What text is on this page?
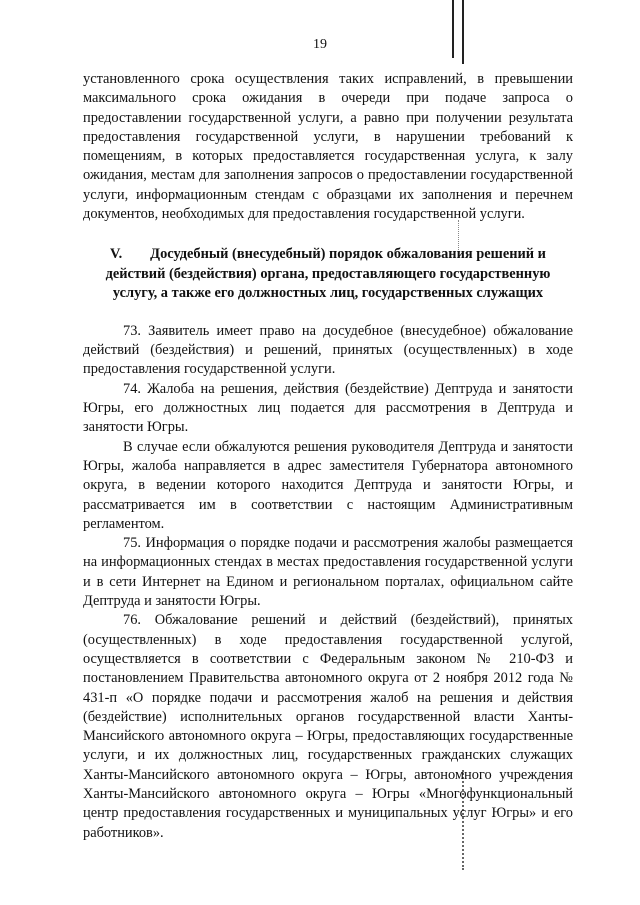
19

установленного срока осуществления таких исправлений, в превышении максимального срока ожидания в очереди при подаче запроса о предоставлении государственной услуги, а равно при получении результата предоставления государственной услуги, в нарушении требований к помещениям, в которых предоставляется государственная услуга, к залу ожидания, местам для заполнения запросов о предоставлении государственной услуги, информационным стендам с образцами их заполнения и перечнем документов, необходимых для предоставления государственной услуги.

V. Досудебный (внесудебный) порядок обжалования решений и действий (бездействия) органа, предоставляющего государственную услугу, а также его должностных лиц, государственных служащих

73. Заявитель имеет право на досудебное (внесудебное) обжалование действий (бездействия) и решений, принятых (осуществленных) в ходе предоставления государственной услуги.

74. Жалоба на решения, действия (бездействие) Дептруда и занятости Югры, его должностных лиц подается для рассмотрения в Дептруда и занятости Югры.

В случае если обжалуются решения руководителя Дептруда и занятости Югры, жалоба направляется в адрес заместителя Губернатора автономного округа, в ведении которого находится Дептруда и занятости Югры, и рассматривается им в соответствии с настоящим Административным регламентом.

75. Информация о порядке подачи и рассмотрения жалобы размещается на информационных стендах в местах предоставления государственной услуги и в сети Интернет на Едином и региональном порталах, официальном сайте Дептруда и занятости Югры.

76. Обжалование решений и действий (бездействий), принятых (осуществленных) в ходе предоставления государственной услугой, осуществляется в соответствии с Федеральным законом № 210-ФЗ и постановлением Правительства автономного округа от 2 ноября 2012 года № 431-п «О порядке подачи и рассмотрения жалоб на решения и действия (бездействие) исполнительных органов государственной власти Ханты-Мансийского автономного округа – Югры, предоставляющих государственные услуги, и их должностных лиц, государственных гражданских служащих Ханты-Мансийского автономного округа – Югры, автономного учреждения Ханты-Мансийского автономного округа – Югры «Многофункциональный центр предоставления государственных и муниципальных услуг Югры» и его работников».
